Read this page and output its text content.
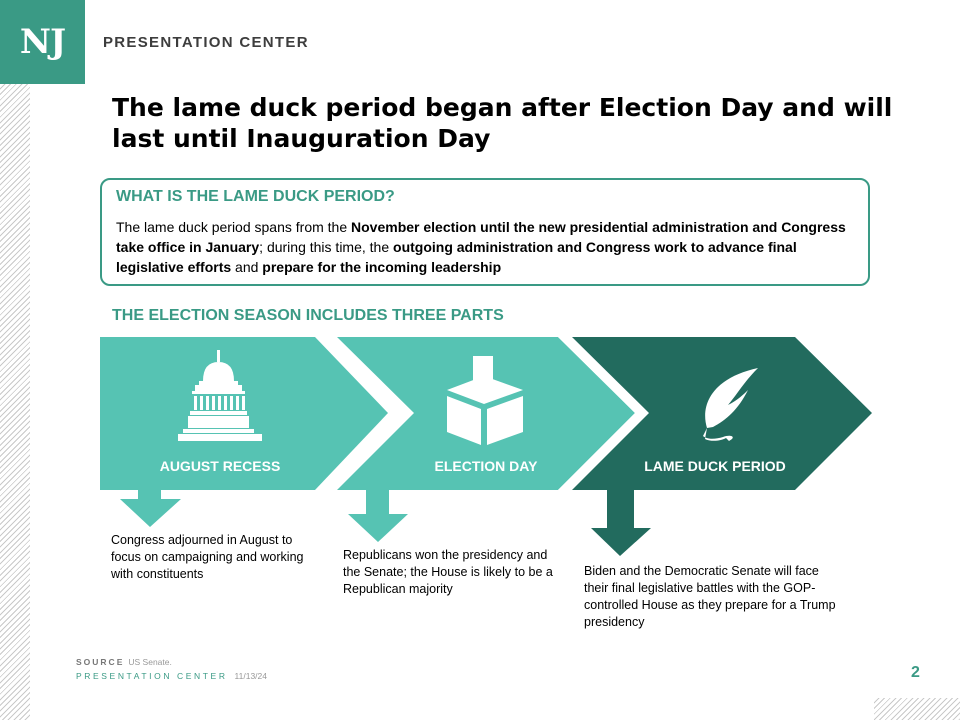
NJ	PRESENTATION CENTER
The lame duck period began after Election Day and will last until Inauguration Day
WHAT IS THE LAME DUCK PERIOD?
The lame duck period spans from the November election until the new presidential administration and Congress take office in January; during this time, the outgoing administration and Congress work to advance final legislative efforts and prepare for the incoming leadership
THE ELECTION SEASON INCLUDES THREE PARTS
AUGUST RECESS	ELECTION DAY	LAME DUCK PERIOD
Congress adjourned in August to focus on campaigning and working with constituents
Republicans won the presidency and the Senate; the House is likely to be a Republican majority
Biden and the Democratic Senate will face their final legislative battles with the GOP-controlled House as they prepare for a Trump presidency
SOURCE US Senate.
PRESENTATION CENTER 11/13/24	2
